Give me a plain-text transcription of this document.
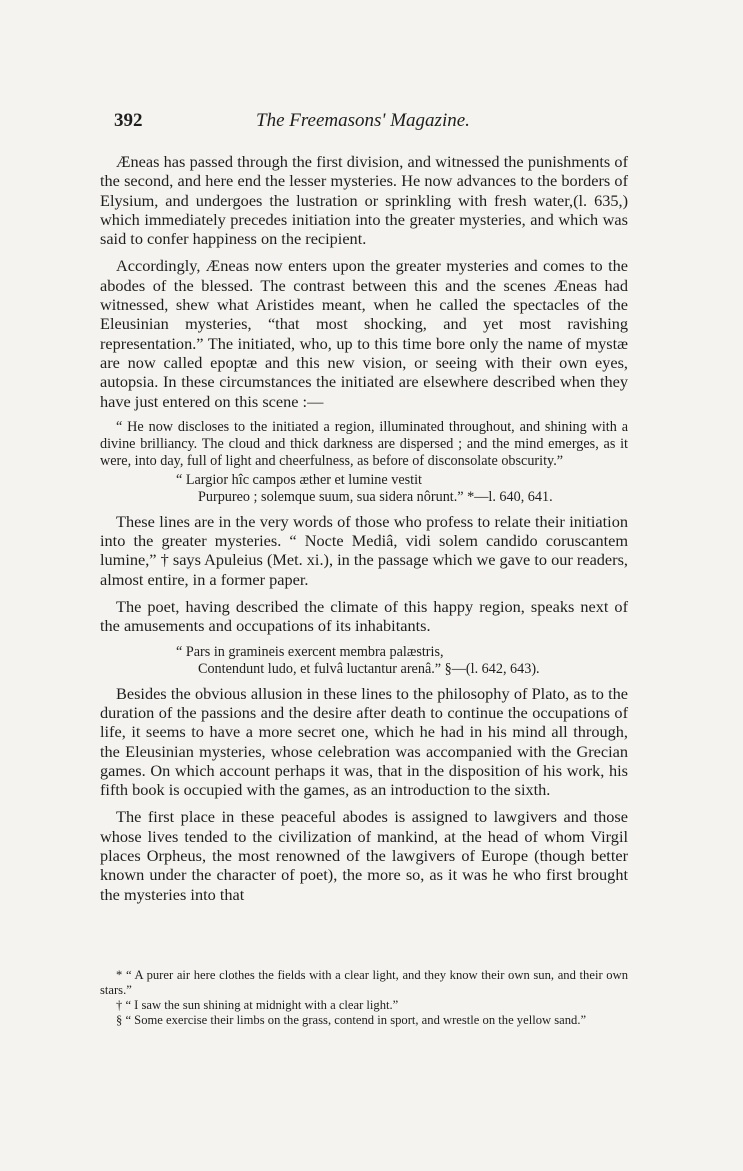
392	The Freemasons' Magazine.

Æneas has passed through the first division, and witnessed the punishments of the second, and here end the lesser mysteries. He now advances to the borders of Elysium, and undergoes the lustration or sprinkling with fresh water,(l. 635,) which immediately precedes initiation into the greater mysteries, and which was said to confer happiness on the recipient.

Accordingly, Æneas now enters upon the greater mysteries and comes to the abodes of the blessed. The contrast between this and the scenes Æneas had witnessed, shew what Aristides meant, when he called the spectacles of the Eleusinian mysteries, “that most shocking, and yet most ravishing representation.” The initiated, who, up to this time bore only the name of mystæ are now called epoptæ and this new vision, or seeing with their own eyes, autopsia. In these circumstances the initiated are elsewhere described when they have just entered on this scene :—

“ He now discloses to the initiated a region, illuminated throughout, and shining with a divine brilliancy. The cloud and thick darkness are dispersed ; and the mind emerges, as it were, into day, full of light and cheerfulness, as before of disconsolate obscurity.”

“ Largior hîc campos æther et lumine vestit
Purpureo ; solemque suum, sua sidera nôrunt.” *—l. 640, 641.

These lines are in the very words of those who profess to relate their initiation into the greater mysteries. “ Nocte Mediâ, vidi solem candido coruscantem lumine,” † says Apuleius (Met. xi.), in the passage which we gave to our readers, almost entire, in a former paper.

The poet, having described the climate of this happy region, speaks next of the amusements and occupations of its inhabitants.

“ Pars in gramineis exercent membra palæstris,
Contendunt ludo, et fulvâ luctantur arenâ.” §—(l. 642, 643).

Besides the obvious allusion in these lines to the philosophy of Plato, as to the duration of the passions and the desire after death to continue the occupations of life, it seems to have a more secret one, which he had in his mind all through, the Eleusinian mysteries, whose celebration was accompanied with the Grecian games. On which account perhaps it was, that in the disposition of his work, his fifth book is occupied with the games, as an introduction to the sixth.

The first place in these peaceful abodes is assigned to lawgivers and those whose lives tended to the civilization of mankind, at the head of whom Virgil places Orpheus, the most renowned of the lawgivers of Europe (though better known under the character of poet), the more so, as it was he who first brought the mysteries into that

* “ A purer air here clothes the fields with a clear light, and they know their own sun, and their own stars.”

† “ I saw the sun shining at midnight with a clear light.”

§ “ Some exercise their limbs on the grass, contend in sport, and wrestle on the yellow sand.”
